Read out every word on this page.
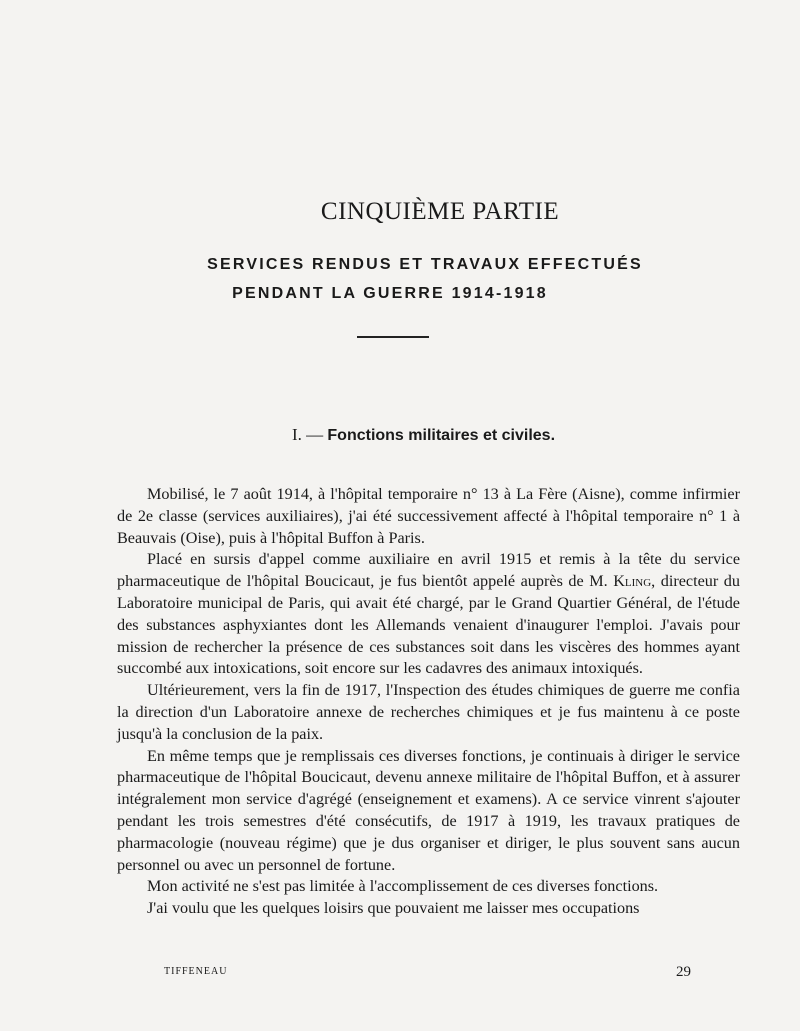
CINQUIÈME PARTIE
SERVICES RENDUS ET TRAVAUX EFFECTUÉS
PENDANT LA GUERRE 1914-1918
I. — Fonctions militaires et civiles.

Mobilisé, le 7 août 1914, à l'hôpital temporaire n° 13 à La Fère (Aisne), comme infirmier de 2e classe (services auxiliaires), j'ai été successivement affecté à l'hôpital temporaire n° 1 à Beauvais (Oise), puis à l'hôpital Buffon à Paris.

Placé en sursis d'appel comme auxiliaire en avril 1915 et remis à la tête du service pharmaceutique de l'hôpital Boucicaut, je fus bientôt appelé auprès de M. Kling, directeur du Laboratoire municipal de Paris, qui avait été chargé, par le Grand Quartier Général, de l'étude des substances asphyxiantes dont les Allemands venaient d'inaugurer l'emploi. J'avais pour mission de rechercher la présence de ces substances soit dans les viscères des hommes ayant succombé aux intoxications, soit encore sur les cadavres des animaux intoxiqués.

Ultérieurement, vers la fin de 1917, l'Inspection des études chimiques de guerre me confia la direction d'un Laboratoire annexe de recherches chimiques et je fus maintenu à ce poste jusqu'à la conclusion de la paix.

En même temps que je remplissais ces diverses fonctions, je continuais à diriger le service pharmaceutique de l'hôpital Boucicaut, devenu annexe militaire de l'hôpital Buffon, et à assurer intégralement mon service d'agrégé (enseignement et examens). A ce service vinrent s'ajouter pendant les trois semestres d'été consécutifs, de 1917 à 1919, les travaux pratiques de pharmacologie (nouveau régime) que je dus organiser et diriger, le plus souvent sans aucun personnel ou avec un personnel de fortune.

Mon activité ne s'est pas limitée à l'accomplissement de ces diverses fonctions.

J'ai voulu que les quelques loisirs que pouvaient me laisser mes occupations

TIFFENEAU	29
